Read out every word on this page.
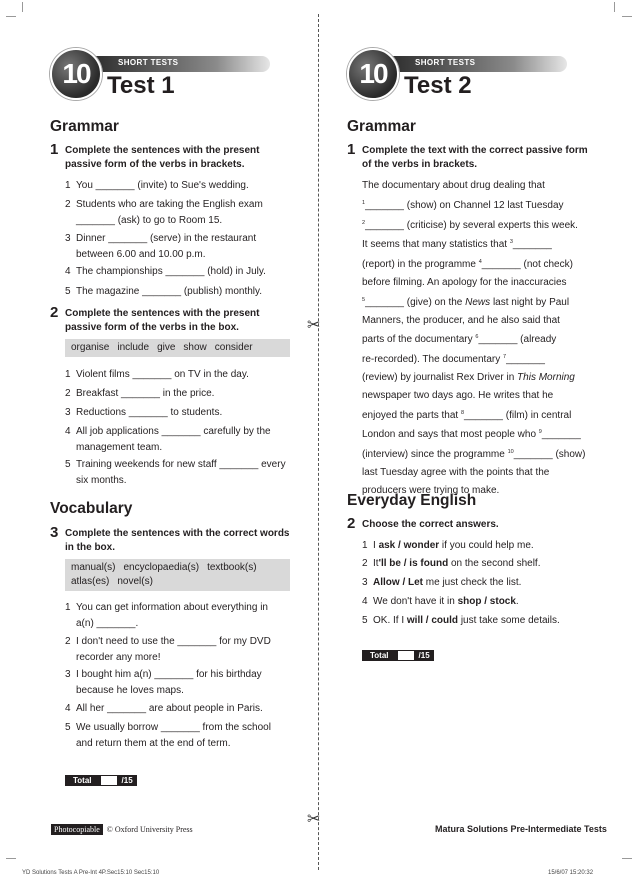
✂
✂
SHORT TESTS
10 Test 1
Grammar
1 Complete the sentences with the present passive form of the verbs in brackets.
1 You _______ (invite) to Sue's wedding.
2 Students who are taking the English exam _______ (ask) to go to Room 15.
3 Dinner _______ (serve) in the restaurant between 6.00 and 10.00 p.m.
4 The championships _______ (hold) in July.
5 The magazine _______ (publish) monthly.
2 Complete the sentences with the present passive form of the verbs in the box.
organise include give show consider
1 Violent films _______ on TV in the day.
2 Breakfast _______ in the price.
3 Reductions _______ to students.
4 All job applications _______ carefully by the management team.
5 Training weekends for new staff _______ every six months.
Vocabulary
3 Complete the sentences with the correct words in the box.
manual(s) encyclopaedia(s) textbook(s)
atlas(es) novel(s)
1 You can get information about everything in a(n) _______.
2 I don't need to use the _______ for my DVD recorder any more!
3 I bought him a(n) _______ for his birthday because he loves maps.
4 All her _______ are about people in Paris.
5 We usually borrow _______ from the school and return them at the end of term.
Total	/15
SHORT TESTS
10 Test 2
Grammar
1 Complete the text with the correct passive form of the verbs in brackets.
The documentary about drug dealing that
$^1$_______ (show) on Channel 12 last Tuesday
$^2$_______ (criticise) by several experts this week.
It seems that many statistics that $^3$_______
(report) in the programme $^4$_______ (not check)
before filming. An apology for the inaccuracies
$^5$_______ (give) on the News last night by Paul
Manners, the producer, and he also said that
parts of the documentary $^6$_______ (already
re-recorded). The documentary $^7$_______
(review) by journalist Rex Driver in This Morning
newspaper two days ago. He writes that he
enjoyed the parts that $^8$_______ (film) in central
London and says that most people who $^9$_______
(interview) since the programme $^{10}$_______ (show)
last Tuesday agree with the points that the
producers were trying to make.
Everyday English
2 Choose the correct answers.
1 I ask / wonder if you could help me.
2 It'll be / is found on the second shelf.
3 Allow / Let me just check the list.
4 We don't have it in shop / stock.
5 OK. If I will / could just take some details.
Total	/15
Photocopiable © Oxford University Press	Matura Solutions Pre-Intermediate Tests
YD Solutions Tests A Pre-Int 4P.Sec15:10 Sec15:10	15/6/07 15:20:32
